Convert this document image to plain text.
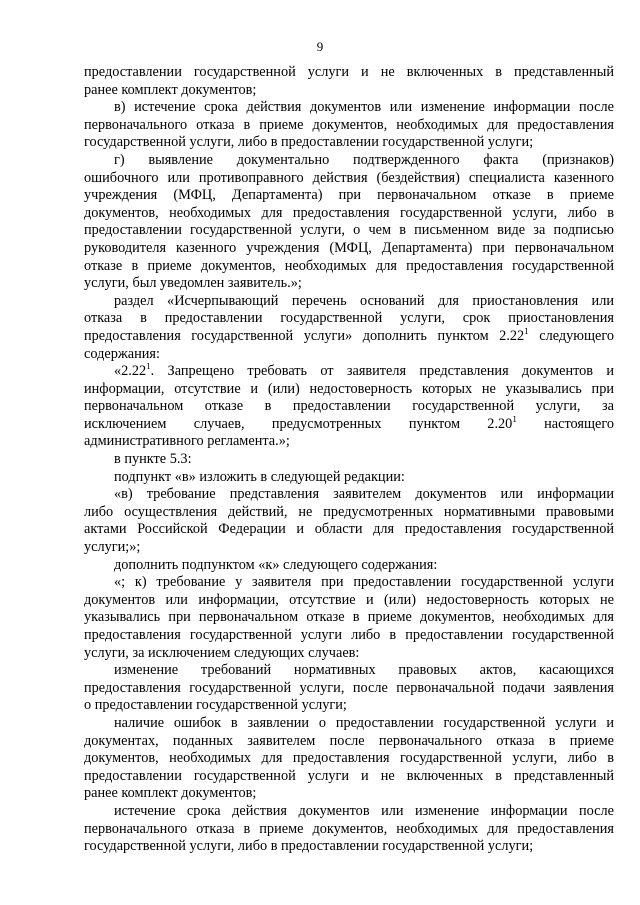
9
предоставлении государственной услуги и не включенных в представленный
ранее комплект документов;
в) истечение срока действия документов или изменение информации после
первоначального отказа в приеме документов, необходимых для предоставления
государственной услуги, либо в предоставлении государственной услуги;
г) выявление документально подтвержденного факта (признаков)
ошибочного или противоправного действия (бездействия) специалиста казенного
учреждения (МФЦ, Департамента) при первоначальном отказе в приеме
документов, необходимых для предоставления государственной услуги, либо в
предоставлении государственной услуги, о чем в письменном виде за подписью
руководителя казенного учреждения (МФЦ, Департамента) при первоначальном
отказе в приеме документов, необходимых для предоставления государственной
услуги, был уведомлен заявитель.»;
раздел «Исчерпывающий перечень оснований для приостановления или
отказа в предоставлении государственной услуги, срок приостановления
предоставления государственной услуги» дополнить пунктом 2.22$^1$ следующего
содержания:
«2.22$^1$. Запрещено требовать от заявителя представления документов и
информации, отсутствие и (или) недостоверность которых не указывались при
первоначальном отказе в предоставлении государственной услуги, за
исключением случаев, предусмотренных пунктом 2.20$^1$ настоящего
административного регламента.»;
в пункте 5.3:
подпункт «в» изложить в следующей редакции:
«в) требование представления заявителем документов или информации
либо осуществления действий, не предусмотренных нормативными правовыми
актами Российской Федерации и области для предоставления государственной
услуги;»;
дополнить подпунктом «к» следующего содержания:
«; к) требование у заявителя при предоставлении государственной услуги
документов или информации, отсутствие и (или) недостоверность которых не
указывались при первоначальном отказе в приеме документов, необходимых для
предоставления государственной услуги либо в предоставлении государственной
услуги, за исключением следующих случаев:
изменение требований нормативных правовых актов, касающихся
предоставления государственной услуги, после первоначальной подачи заявления
о предоставлении государственной услуги;
наличие ошибок в заявлении о предоставлении государственной услуги и
документах, поданных заявителем после первоначального отказа в приеме
документов, необходимых для предоставления государственной услуги, либо в
предоставлении государственной услуги и не включенных в представленный
ранее комплект документов;
истечение срока действия документов или изменение информации после
первоначального отказа в приеме документов, необходимых для предоставления
государственной услуги, либо в предоставлении государственной услуги;
